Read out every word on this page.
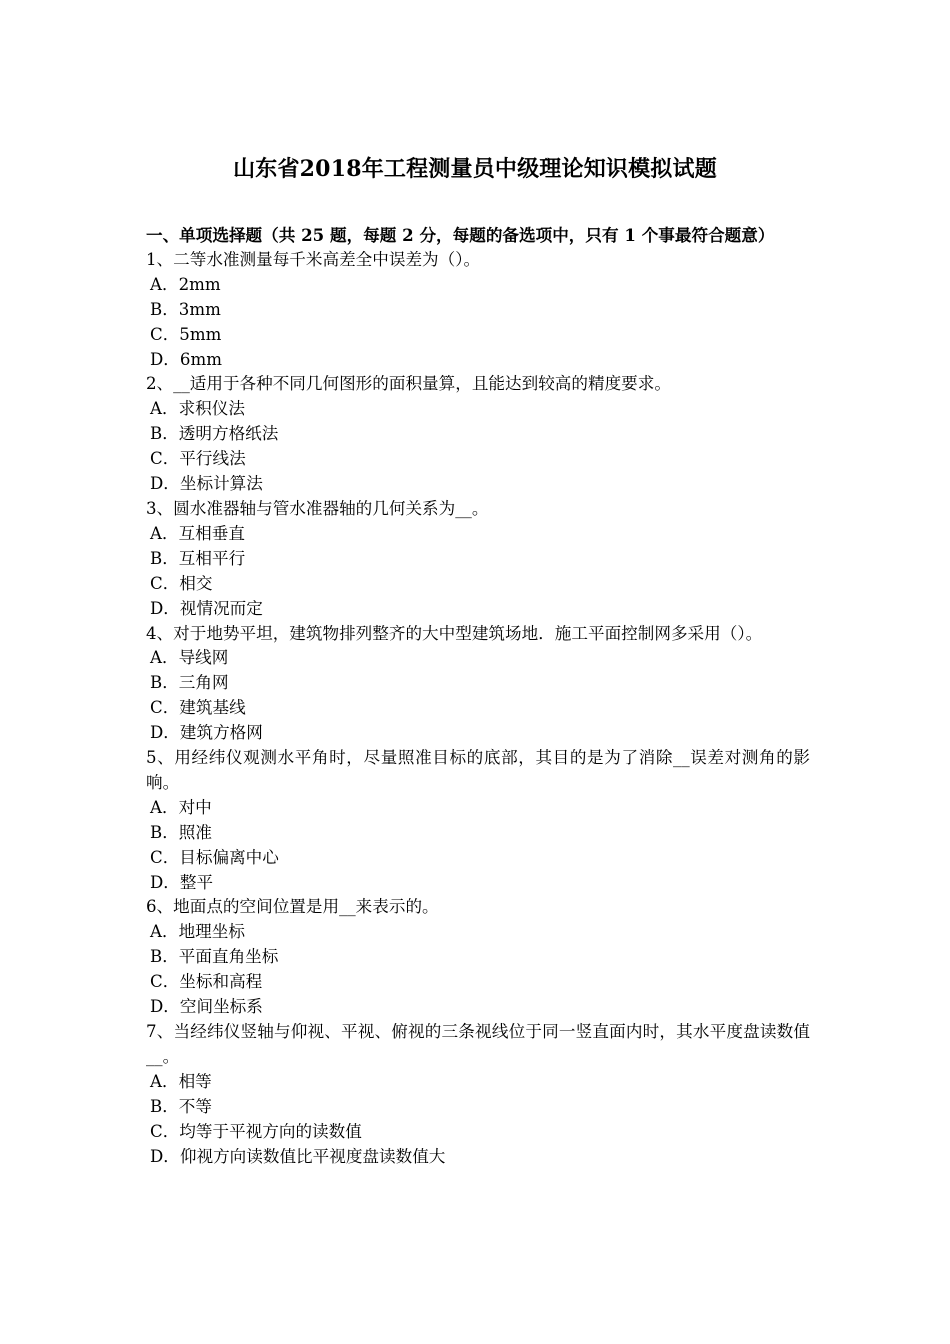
山东省2018年工程测量员中级理论知识模拟试题

一、单项选择题（共 25 题，每题 2 分，每题的备选项中，只有 1 个事最符合题意）

1、二等水准测量每千米高差全中误差为（）。

A．2mm
B．3mm
C．5mm
D．6mm

2、__适用于各种不同几何图形的面积量算，且能达到较高的精度要求。

A．求积仪法
B．透明方格纸法
C．平行线法
D．坐标计算法

3、圆水准器轴与管水准器轴的几何关系为__。

A．互相垂直
B．互相平行
C．相交
D．视情况而定

4、对于地势平坦，建筑物排列整齐的大中型建筑场地．施工平面控制网多采用（）。

A．导线网
B．三角网
C．建筑基线
D．建筑方格网

5、用经纬仪观测水平角时，尽量照准目标的底部，其目的是为了消除__误差对测角的影响。

A．对中
B．照准
C．目标偏离中心
D．整平

6、地面点的空间位置是用__来表示的。

A．地理坐标
B．平面直角坐标
C．坐标和高程
D．空间坐标系

7、当经纬仪竖轴与仰视、平视、俯视的三条视线位于同一竖直面内时，其水平度盘读数值__。

A．相等
B．不等
C．均等于平视方向的读数值
D．仰视方向读数值比平视度盘读数值大
